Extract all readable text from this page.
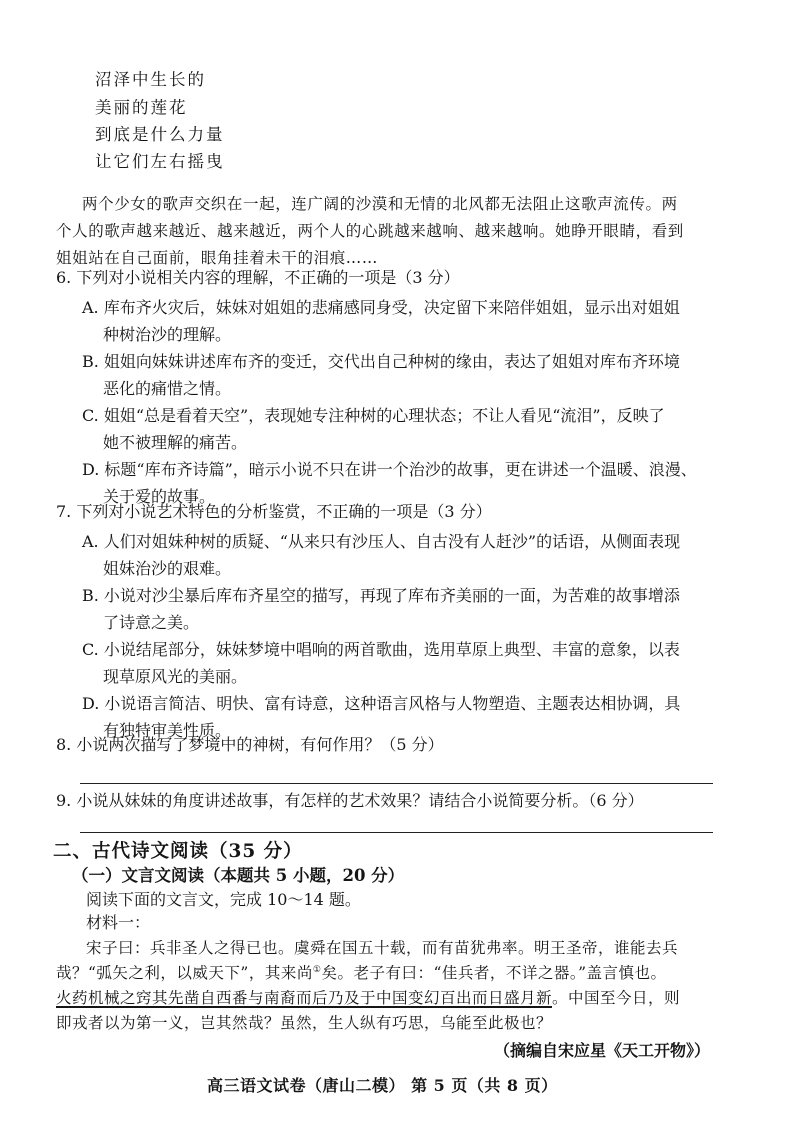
沼泽中生长的
美丽的莲花
到底是什么力量
让它们左右摇曳
两个少女的歌声交织在一起，连广阔的沙漠和无情的北风都无法阻止这歌声流传。两
个人的歌声越来越近、越来越近，两个人的心跳越来越响、越来越响。她睁开眼睛，看到
姐姐站在自己面前，眼角挂着未干的泪痕……
6. 下列对小说相关内容的理解，不正确的一项是（3 分）
A. 库布齐火灾后，妹妹对姐姐的悲痛感同身受，决定留下来陪伴姐姐，显示出对姐姐
种树治沙的理解。
B. 姐姐向妹妹讲述库布齐的变迁，交代出自己种树的缘由，表达了姐姐对库布齐环境
恶化的痛惜之情。
C. 姐姐“总是看着天空”，表现她专注种树的心理状态；不让人看见“流泪”，反映了
她不被理解的痛苦。
D. 标题“库布齐诗篇”，暗示小说不只在讲一个治沙的故事，更在讲述一个温暖、浪漫、
关于爱的故事。
7. 下列对小说艺术特色的分析鉴赏，不正确的一项是（3 分）
A. 人们对姐妹种树的质疑、“从来只有沙压人、自古没有人赶沙”的话语，从侧面表现
姐妹治沙的艰难。
B. 小说对沙尘暴后库布齐星空的描写，再现了库布齐美丽的一面，为苦难的故事增添
了诗意之美。
C. 小说结尾部分，妹妹梦境中唱响的两首歌曲，选用草原上典型、丰富的意象，以表
现草原风光的美丽。
D. 小说语言简洁、明快、富有诗意，这种语言风格与人物塑造、主题表达相协调，具
有独特审美性质。
8. 小说两次描写了梦境中的神树，有何作用？（5 分）
9. 小说从妹妹的角度讲述故事，有怎样的艺术效果？请结合小说简要分析。（6 分）
二、古代诗文阅读（35 分）
（一）文言文阅读（本题共 5 小题，20 分）
阅读下面的文言文，完成 10～14 题。
材料一：
宋子曰：兵非圣人之得已也。虞舜在国五十载，而有苗犹弗率。明王圣帝，谁能去兵
哉？“弧矢之利，以威天下”，其来尚①矣。老子有曰：“佳兵者，不详之器。”盖言慎也。
火药机械之窍其先凿自西番与南裔而后乃及于中国变幻百出而日盛月新。中国至今日，则
即戎者以为第一义，岂其然哉？虽然，生人纵有巧思，乌能至此极也？
（摘编自宋应星《天工开物》）
高三语文试卷（唐山二模） 第 5 页（共 8 页）
